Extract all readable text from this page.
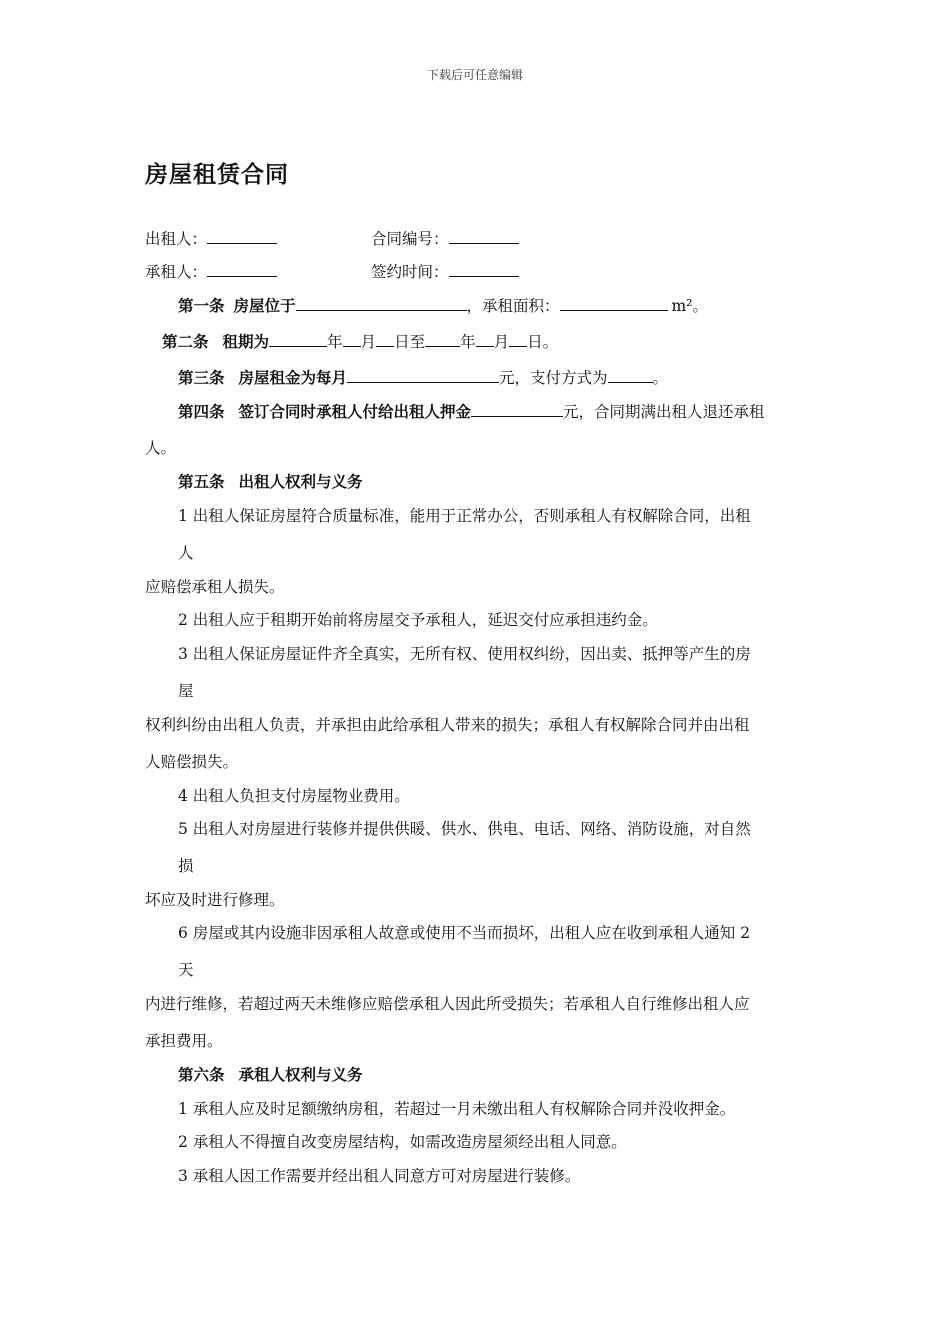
下载后可任意编辑
房屋租赁合同
出租人：	合同编号：
承租人：	签约时间：
第一条 房屋位于	，承租面积：	m²。
第二条 租期为	年 月 日至 年 月 日。
第三条 房屋租金为每月	元，支付方式为	。
第四条 签订合同时承租人付给出租人押金	元，合同期满出租人退还承租
人。
第五条 出租人权利与义务
1 出租人保证房屋符合质量标准，能用于正常办公，否则承租人有权解除合同，出租
人
应赔偿承租人损失。
2 出租人应于租期开始前将房屋交予承租人，延迟交付应承担违约金。
3 出租人保证房屋证件齐全真实，无所有权、使用权纠纷，因出卖、抵押等产生的房
屋
权利纠纷由出租人负责，并承担由此给承租人带来的损失；承租人有权解除合同并由出租
人赔偿损失。
4 出租人负担支付房屋物业费用。
5 出租人对房屋进行装修并提供供暖、供水、供电、电话、网络、消防设施，对自然
损
坏应及时进行修理。
6 房屋或其内设施非因承租人故意或使用不当而损坏，出租人应在收到承租人通知 2
天
内进行维修，若超过两天未维修应赔偿承租人因此所受损失；若承租人自行维修出租人应
承担费用。
第六条 承租人权利与义务
1 承租人应及时足额缴纳房租，若超过一月未缴出租人有权解除合同并没收押金。
2 承租人不得擅自改变房屋结构，如需改造房屋须经出租人同意。
3 承租人因工作需要并经出租人同意方可对房屋进行装修。
